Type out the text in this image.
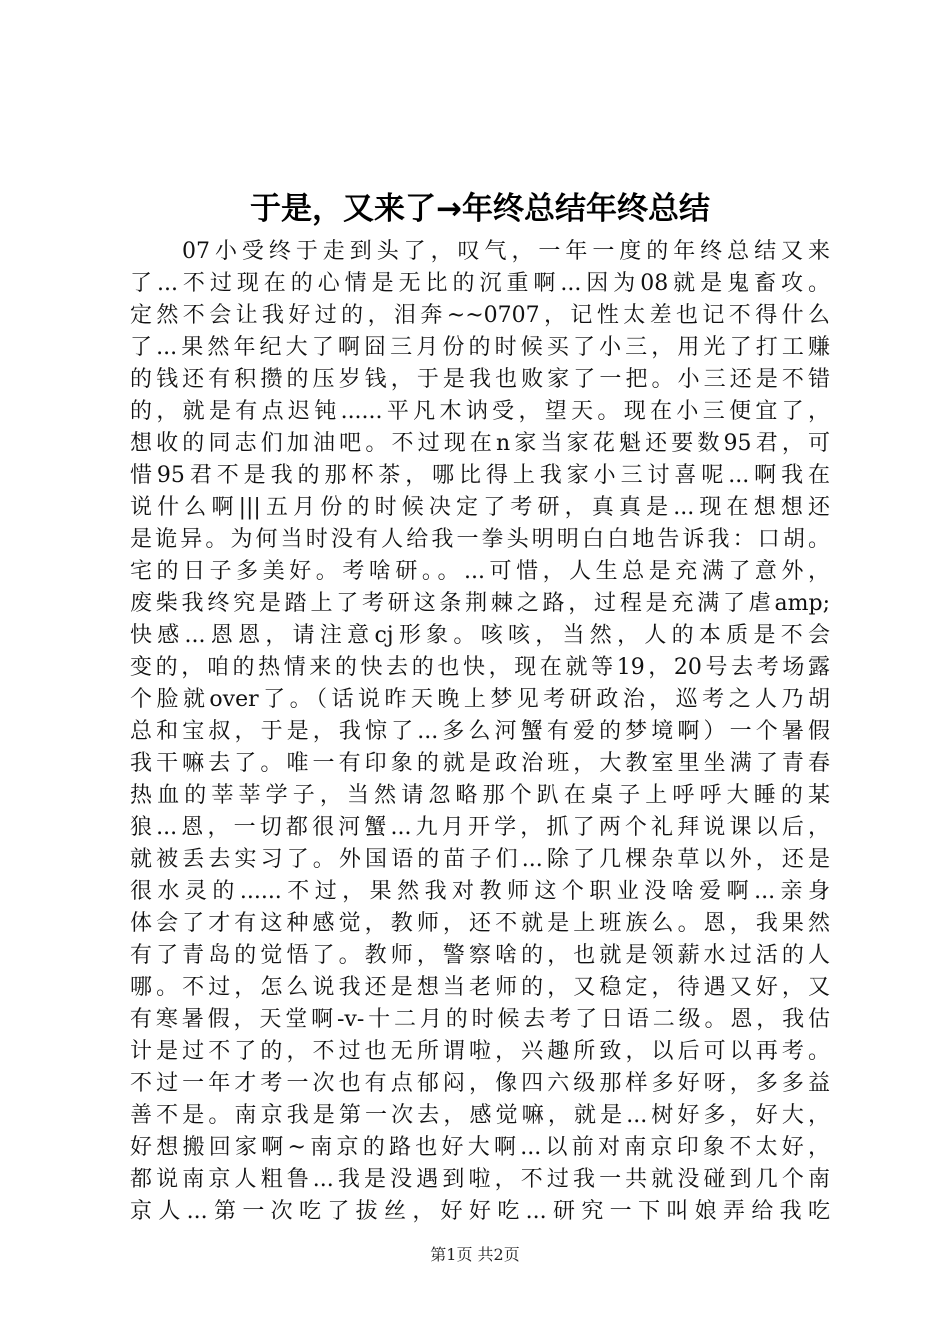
于是，又来了→年终总结年终总结
07小受终于走到头了，叹气，一年一度的年终总结又来
了...不过现在的心情是无比的沉重啊...因为08就是鬼畜攻。
定然不会让我好过的，泪奔~~0707，记性太差也记不得什么
了...果然年纪大了啊囧三月份的时候买了小三，用光了打工赚
的钱还有积攒的压岁钱，于是我也败家了一把。小三还是不错
的，就是有点迟钝......平凡木讷受，望天。现在小三便宜了，
想收的同志们加油吧。不过现在n家当家花魁还要数95君，可
惜95君不是我的那杯茶，哪比得上我家小三讨喜呢...啊我在
说什么啊|||五月份的时候决定了考研，真真是...现在想想还
是诡异。为何当时没有人给我一拳头明明白白地告诉我：口胡。
宅的日子多美好。考啥研。。...可惜，人生总是充满了意外，
废柴我终究是踏上了考研这条荆棘之路，过程是充满了虐amp;
快感...恩恩，请注意cj形象。咳咳，当然，人的本质是不会
变的，咱的热情来的快去的也快，现在就等19，20号去考场露
个脸就over了。（话说昨天晚上梦见考研政治，巡考之人乃胡
总和宝叔，于是，我惊了...多么河蟹有爱的梦境啊）一个暑假
我干嘛去了。唯一有印象的就是政治班，大教室里坐满了青春
热血的莘莘学子，当然请忽略那个趴在桌子上呼呼大睡的某
狼...恩，一切都很河蟹...九月开学，抓了两个礼拜说课以后，
就被丢去实习了。外国语的苗子们...除了几棵杂草以外，还是
很水灵的......不过，果然我对教师这个职业没啥爱啊...亲身
体会了才有这种感觉，教师，还不就是上班族么。恩，我果然
有了青岛的觉悟了。教师，警察啥的，也就是领薪水过活的人
哪。不过，怎么说我还是想当老师的，又稳定，待遇又好，又
有寒暑假，天堂啊-v-十二月的时候去考了日语二级。恩，我估
计是过不了的，不过也无所谓啦，兴趣所致，以后可以再考。
不过一年才考一次也有点郁闷，像四六级那样多好呀，多多益
善不是。南京我是第一次去，感觉嘛，就是...树好多，好大，
好想搬回家啊~南京的路也好大啊...以前对南京印象不太好，
都说南京人粗鲁...我是没遇到啦，不过我一共就没碰到几个南
京人...第一次吃了拔丝，好好吃...研究一下叫娘弄给我吃
第1页 共2页
